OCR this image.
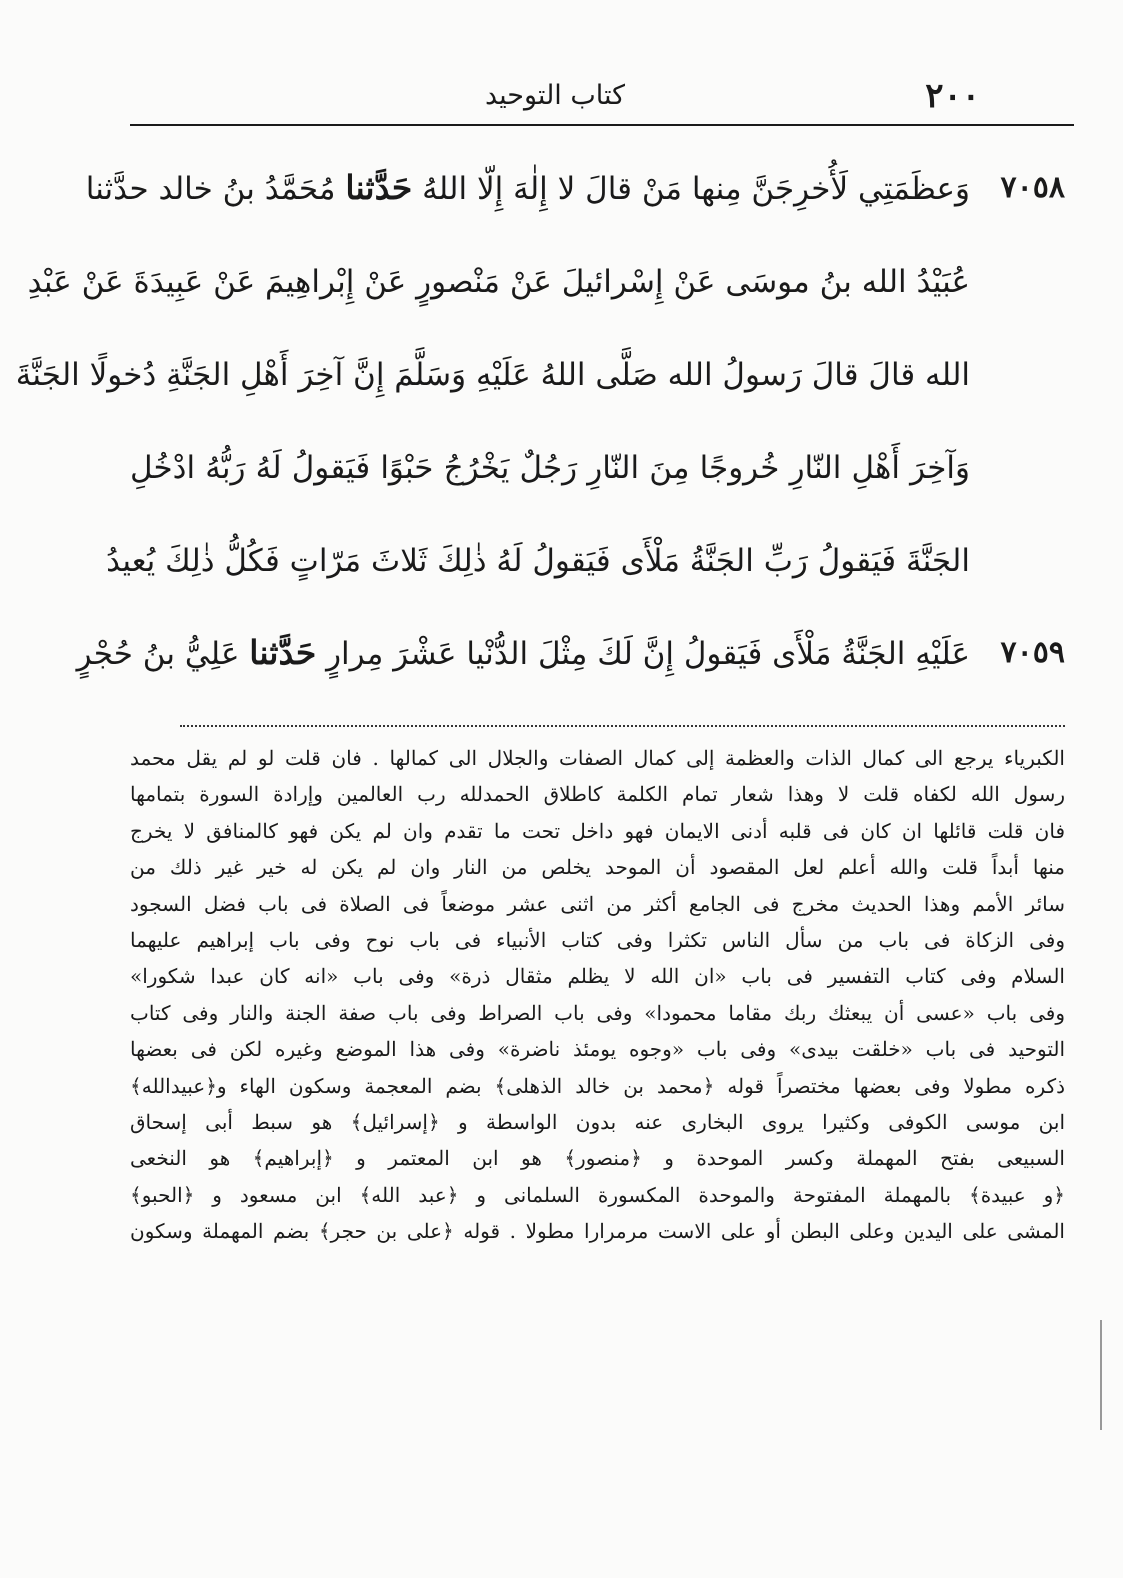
٢٠٠
كتاب التوحيد
٧٠٥٨
وَعظَمَتِي لَأُخرِجَنَّ مِنها مَنْ قالَ لا إِلٰهَ إِلّا اللهُ حَدَّثنا مُحَمَّدُ بنُ خالد حدَّثنا
عُبَيْدُ الله بنُ موسَى عَنْ إِسْرائيلَ عَنْ مَنْصورٍ عَنْ إِبْراهِيمَ عَنْ عَبِيدَةَ عَنْ عَبْدِ
الله قالَ قالَ رَسولُ الله صَلَّى اللهُ عَلَيْهِ وَسَلَّمَ إِنَّ آخِرَ أَهْلِ الجَنَّةِ دُخولًا الجَنَّةَ
وَآخِرَ أَهْلِ النّارِ خُروجًا مِنَ النّارِ رَجُلٌ يَخْرُجُ حَبْوًا فَيَقولُ لَهُ رَبُّهُ ادْخُلِ
الجَنَّةَ فَيَقولُ رَبِّ الجَنَّةُ مَلْأَى فَيَقولُ لَهُ ذٰلِكَ ثَلاثَ مَرّاتٍ فَكُلُّ ذٰلِكَ يُعيدُ
٧٠٥٩
عَلَيْهِ الجَنَّةُ مَلْأَى فَيَقولُ إِنَّ لَكَ مِثْلَ الدُّنْيا عَشْرَ مِرارٍ حَدَّثنا عَلِيُّ بنُ حُجْرٍ
الكبرياء يرجع الى كمال الذات والعظمة إلى كمال الصفات والجلال الى كمالها . فان قلت لو لم يقل محمد
رسول الله لكفاه قلت لا وهذا شعار تمام الكلمة كاطلاق الحمدلله رب العالمين وإرادة السورة بتمامها
فان قلت قائلها ان كان فى قلبه أدنى الايمان فهو داخل تحت ما تقدم وان لم يكن فهو كالمنافق لا يخرج
منها أبداً قلت والله أعلم لعل المقصود أن الموحد يخلص من النار وان لم يكن له خير غير ذلك من
سائر الأمم وهذا الحديث مخرج فى الجامع أكثر من اثنى عشر موضعاً فى الصلاة فى باب فضل السجود
وفى الزكاة فى باب من سأل الناس تكثرا وفى كتاب الأنبياء فى باب نوح وفى باب إبراهيم عليهما
السلام وفى كتاب التفسير فى باب «ان الله لا يظلم مثقال ذرة» وفى باب «انه كان عبدا شكورا»
وفى باب «عسى أن يبعثك ربك مقاما محمودا» وفى باب الصراط وفى باب صفة الجنة والنار وفى كتاب
التوحيد فى باب «خلقت بيدى» وفى باب «وجوه يومئذ ناضرة» وفى هذا الموضع وغيره لكن فى بعضها
ذكره مطولا وفى بعضها مختصراً قوله ﴿محمد بن خالد الذهلى﴾ بضم المعجمة وسكون الهاء و﴿عبيدالله﴾
ابن موسى الكوفى وكثيرا يروى البخارى عنه بدون الواسطة و ﴿إسرائيل﴾ هو سبط أبى إسحاق
السبيعى بفتح المهملة وكسر الموحدة و ﴿منصور﴾ هو ابن المعتمر و ﴿إبراهيم﴾ هو النخعى
﴿و عبيدة﴾ بالمهملة المفتوحة والموحدة المكسورة السلمانى و ﴿عبد الله﴾ ابن مسعود و ﴿الحبو﴾
المشى على اليدين وعلى البطن أو على الاست مرمرارا مطولا . قوله ﴿على بن حجر﴾ بضم المهملة وسكون
